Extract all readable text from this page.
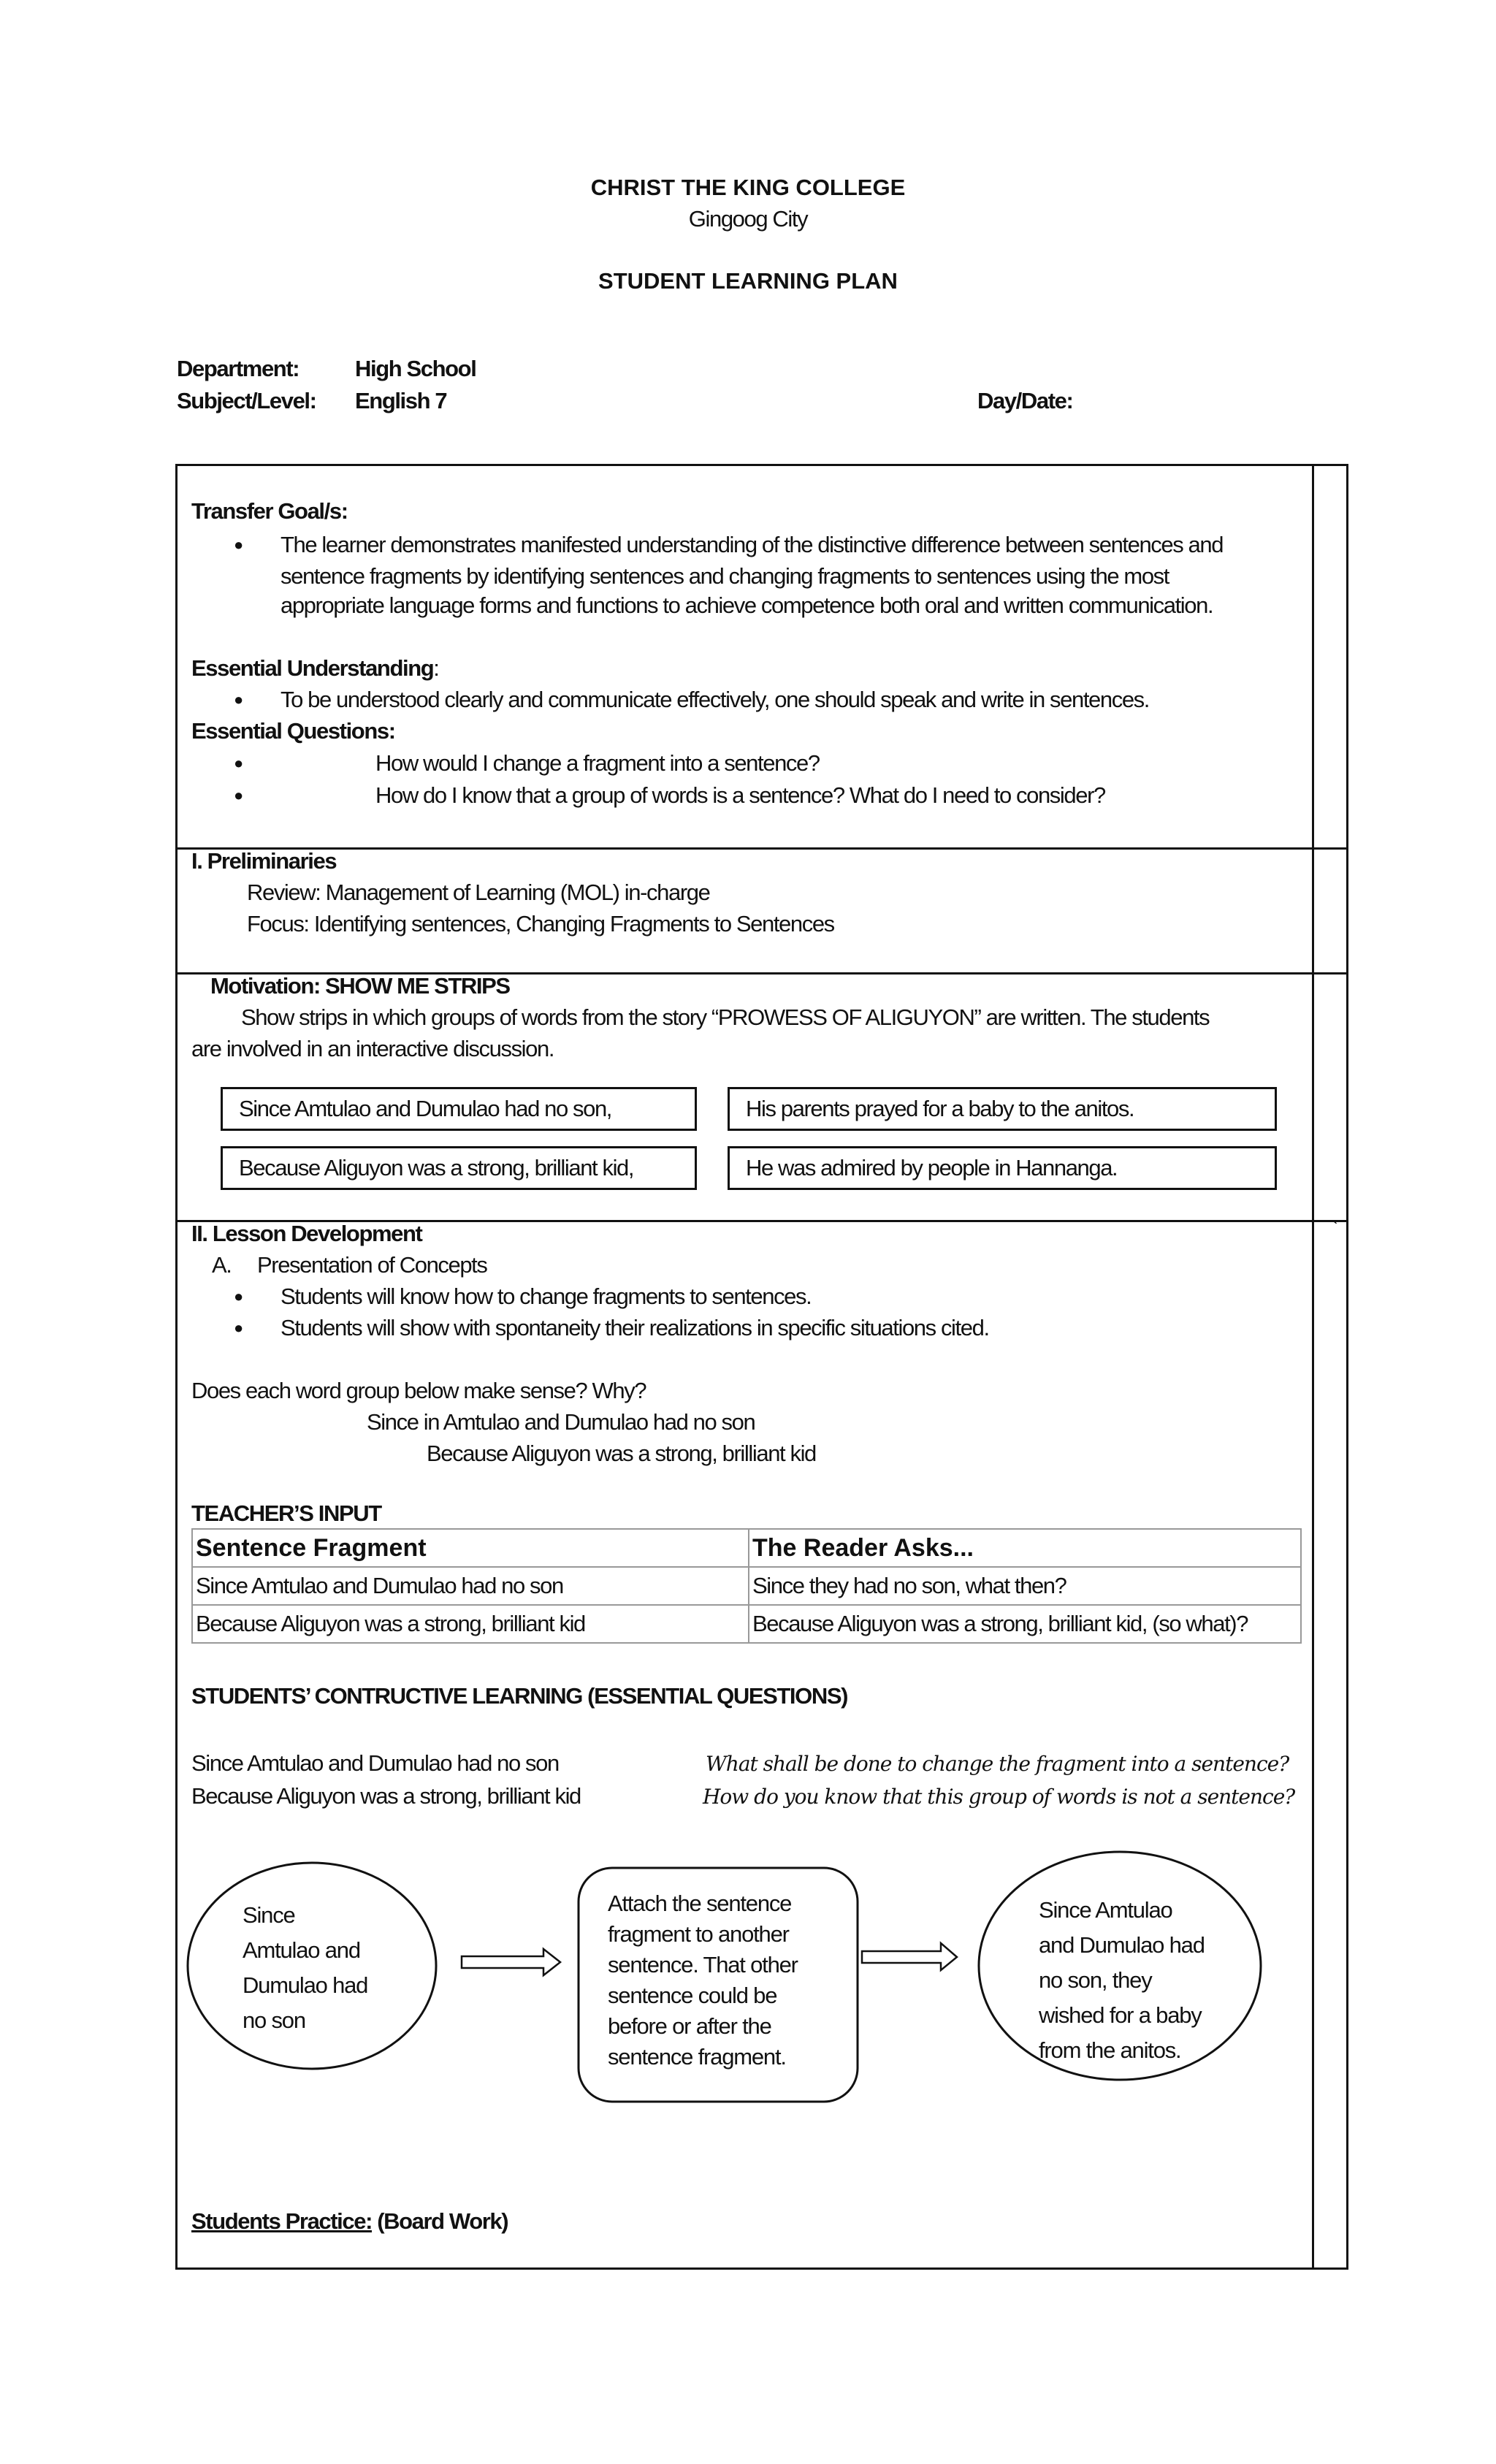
CHRIST THE KING COLLEGE
Gingoog City
STUDENT LEARNING PLAN
Department: High School
Subject/Level: English 7	Day/Date:
Transfer Goal/s:
● The learner demonstrates manifested understanding of the distinctive difference between sentences and
sentence fragments by identifying sentences and changing fragments to sentences using the most
appropriate language forms and functions to achieve competence both oral and written communication.
Essential Understanding:
● To be understood clearly and communicate effectively, one should speak and write in sentences.
Essential Questions:
●	How would I change a fragment into a sentence?
●	How do I know that a group of words is a sentence? What do I need to consider?
I. Preliminaries
Review: Management of Learning (MOL) in-charge
Focus: Identifying sentences, Changing Fragments to Sentences
Motivation: SHOW ME STRIPS
Show strips in which groups of words from the story “PROWESS OF ALIGUYON” are written. The students
are involved in an interactive discussion.
Since Amtulao and Dumulao had no son,	His parents prayed for a baby to the anitos.
Because Aliguyon was a strong, brilliant kid,	He was admired by people in Hannanga.
II. Lesson Development	`
A. Presentation of Concepts
● Students will know how to change fragments to sentences.
● Students will show with spontaneity their realizations in specific situations cited.
Does each word group below make sense? Why?
Since in Amtulao and Dumulao had no son
Because Aliguyon was a strong, brilliant kid
TEACHER’S INPUT
Sentence Fragment	The Reader Asks...
Since Amtulao and Dumulao had no son	Since they had no son, what then?
Because Aliguyon was a strong, brilliant kid	Because Aliguyon was a strong, brilliant kid, (so what)?
STUDENTS’ CONTRUCTIVE LEARNING (ESSENTIAL QUESTIONS)
Since Amtulao and Dumulao had no son
Because Aliguyon was a strong, brilliant kid
What shall be done to change the fragment into a sentence?
How do you know that this group of words is not a sentence?
Since
Amtulao and
Dumulao had
no son
Attach the sentence
fragment to another
sentence. That other
sentence could be
before or after the
sentence fragment.
Since Amtulao
and Dumulao had
no son, they
wished for a baby
from the anitos.
Students Practice: (Board Work)
